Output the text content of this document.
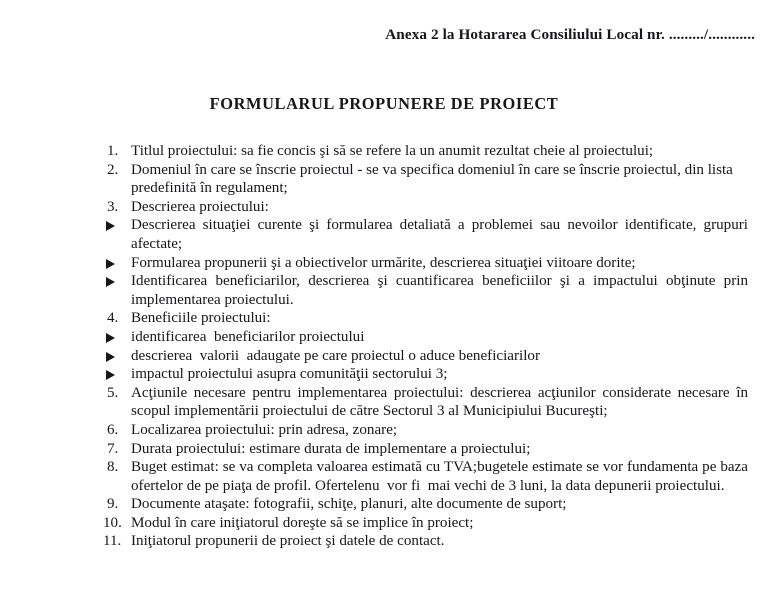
Anexa 2 la Hotararea Consiliului Local nr. ........./............
FORMULARUL PROPUNERE DE PROIECT
1. Titlul proiectului: sa fie concis şi să se refere la un anumit rezultat cheie al proiectului;
2. Domeniul în care se înscrie proiectul - se va specifica domeniul în care se înscrie proiectul, din lista predefinită în regulament;
3. Descrierea proiectului:
Descrierea situaţiei curente şi formularea detaliată a problemei sau nevoilor identificate, grupuri afectate;
Formularea propunerii şi a obiectivelor urmărite, descrierea situaţiei viitoare dorite;
Identificarea beneficiarilor, descrierea şi cuantificarea beneficiilor şi a impactului obţinute prin implementarea proiectului.
4. Beneficiile proiectului:
identificarea  beneficiarilor proiectului
descrierea  valorii  adaugate pe care proiectul o aduce beneficiarilor
impactul proiectului asupra comunităţii sectorului 3;
5. Acţiunile necesare pentru implementarea proiectului: descrierea acţiunilor considerate necesare în scopul implementării proiectului de către Sectorul 3 al Municipiului Bucureşti;
6. Localizarea proiectului: prin adresa, zonare;
7. Durata proiectului: estimare durata de implementare a proiectului;
8. Buget estimat: se va completa valoarea estimată cu TVA;bugetele estimate se vor fundamenta pe baza ofertelor de pe piaţa de profil. Ofertelenu  vor fi  mai vechi de 3 luni, la data depunerii proiectului.
9. Documente ataşate: fotografii, schiţe, planuri, alte documente de suport;
10. Modul în care iniţiatorul doreşte să se implice în proiect;
11. Iniţiatorul propunerii de proiect şi datele de contact.
